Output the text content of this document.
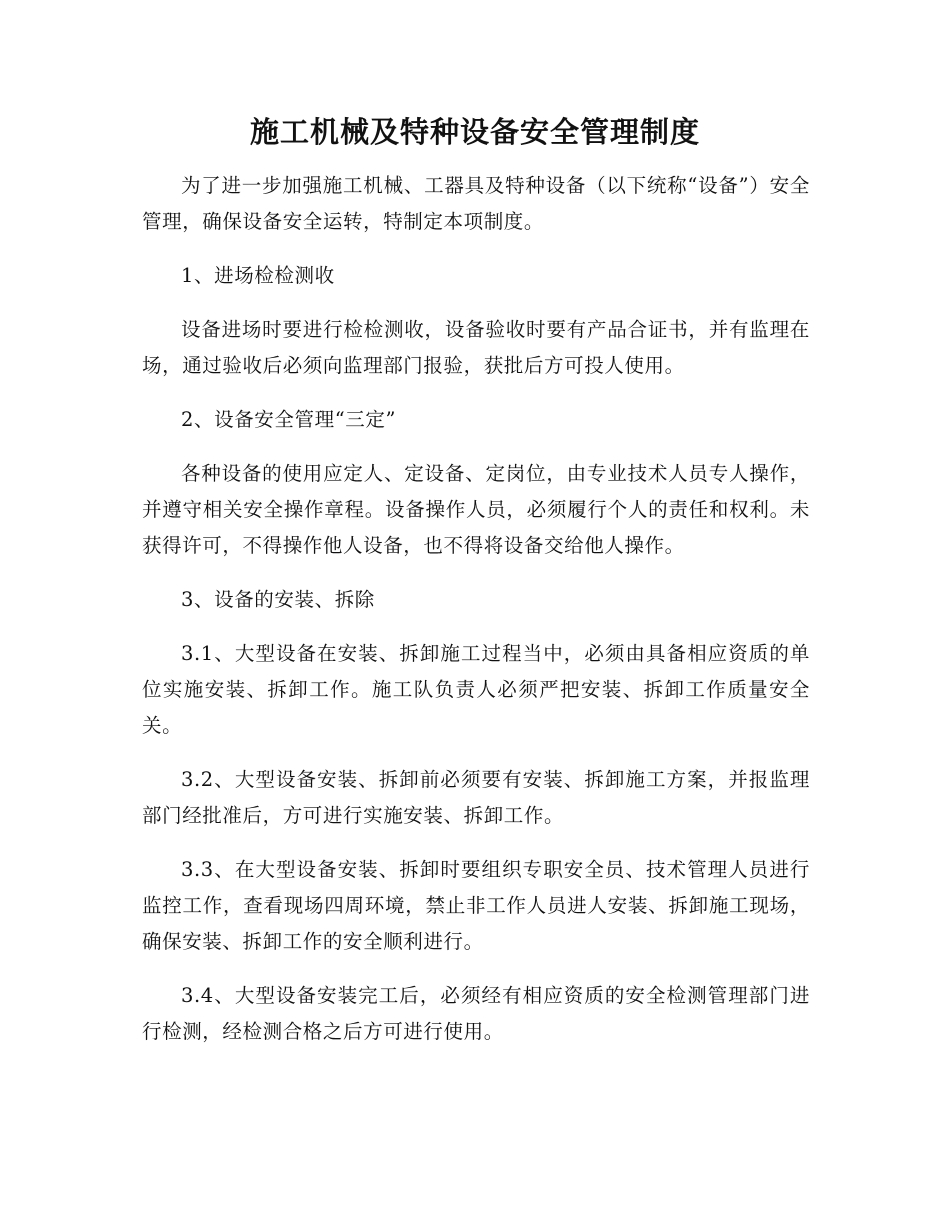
施工机械及特种设备安全管理制度

为了进一步加强施工机械、工器具及特种设备（以下统称“设备”）安全管理，确保设备安全运转，特制定本项制度。

1、进场检检测收

设备进场时要进行检检测收，设备验收时要有产品合证书，并有监理在场，通过验收后必须向监理部门报验，获批后方可投人使用。

2、设备安全管理“三定”

各种设备的使用应定人、定设备、定岗位，由专业技术人员专人操作，并遵守相关安全操作章程。设备操作人员，必须履行个人的责任和权利。未获得许可，不得操作他人设备，也不得将设备交给他人操作。

3、设备的安装、拆除

3.1、大型设备在安装、拆卸施工过程当中，必须由具备相应资质的单位实施安装、拆卸工作。施工队负责人必须严把安装、拆卸工作质量安全关。

3.2、大型设备安装、拆卸前必须要有安装、拆卸施工方案，并报监理部门经批准后，方可进行实施安装、拆卸工作。

3.3、在大型设备安装、拆卸时要组织专职安全员、技术管理人员进行监控工作，查看现场四周环境，禁止非工作人员进人安装、拆卸施工现场，确保安装、拆卸工作的安全顺利进行。

3.4、大型设备安装完工后，必须经有相应资质的安全检测管理部门进行检测，经检测合格之后方可进行使用。
